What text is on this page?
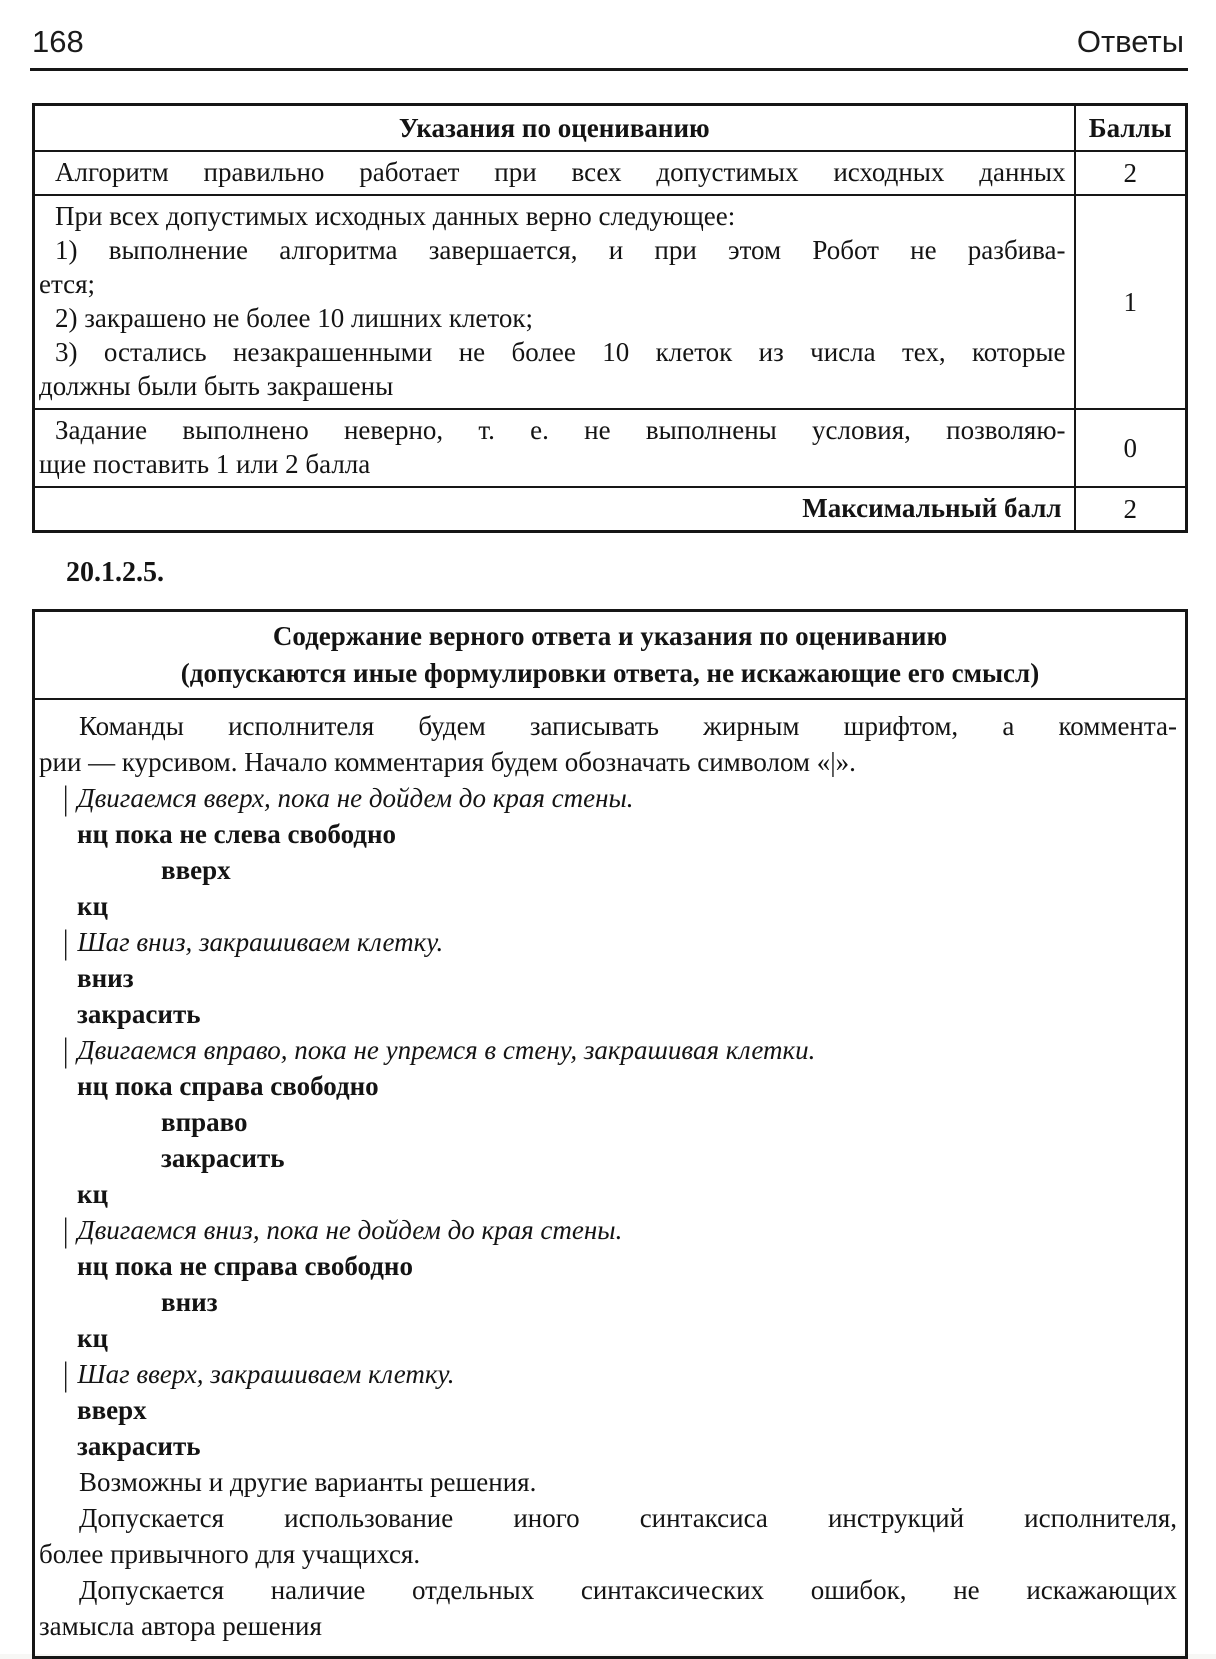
168	Ответы
Указания по оцениванию	Баллы

Алгоритм правильно работает при всех допустимых исходных данных	2

При всех допустимых исходных данных верно следующее:
1) выполнение алгоритма завершается, и при этом Робот не разбива-
ется;
2) закрашено не более 10 лишних клеток;
3) остались незакрашенными не более 10 клеток из числа тех, которые
должны были быть закрашены
	1

Задание выполнено неверно, т. е. не выполнены условия, позволяю-
щие поставить 1 или 2 балла	0
Максимальный балл	2
20.1.2.5.
Содержание верного ответа и указания по оцениванию
(допускаются иные формулировки ответа, не искажающие его смысл)

Команды исполнителя будем записывать жирным шрифтом, а коммента-
рии — курсивом. Начало комментария будем обозначать символом «|».
| Двигаемся вверх, пока не дойдем до края стены.
нц пока не слева свободно
вверх
кц
| Шаг вниз, закрашиваем клетку.
вниз
закрасить
| Двигаемся вправо, пока не упремся в стену, закрашивая клетки.
нц пока справа свободно
вправо
закрасить
кц
| Двигаемся вниз, пока не дойдем до края стены.
нц пока не справа свободно
вниз
кц
| Шаг вверх, закрашиваем клетку.
вверх
закрасить
Возможны и другие варианты решения.
Допускается использование иного синтаксиса инструкций исполнителя,
более привычного для учащихся.
Допускается наличие отдельных синтаксических ошибок, не искажающих
замысла автора решения
